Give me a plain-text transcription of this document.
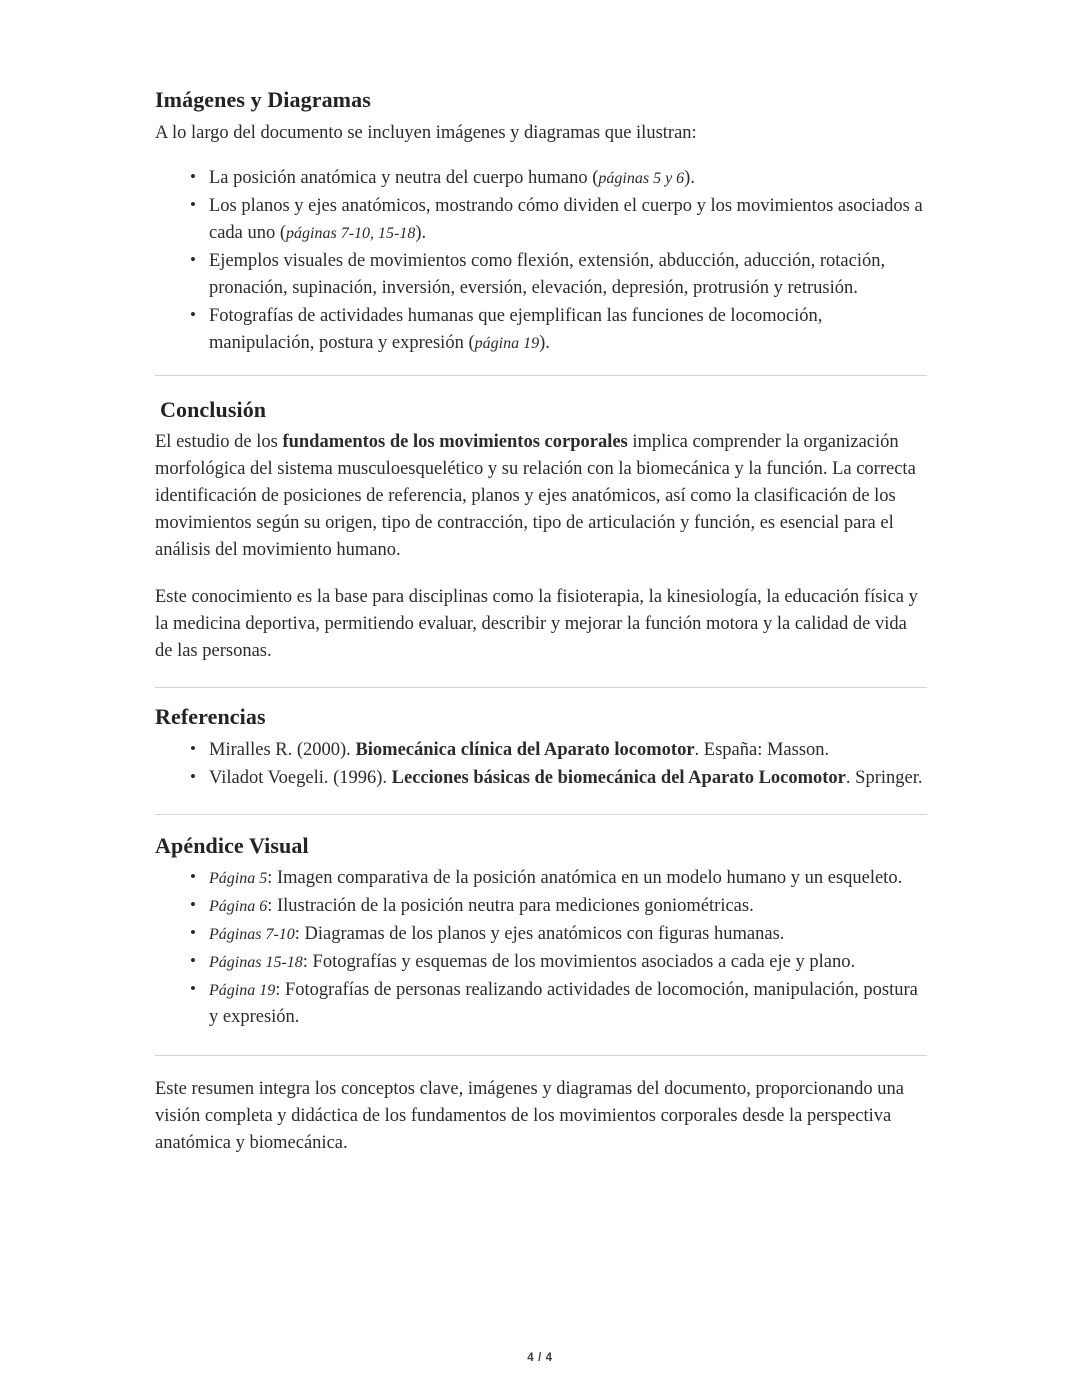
Imágenes y Diagramas

A lo largo del documento se incluyen imágenes y diagramas que ilustran:

• La posición anatómica y neutra del cuerpo humano (páginas 5 y 6).
• Los planos y ejes anatómicos, mostrando cómo dividen el cuerpo y los movimientos asociados a cada uno (páginas 7-10, 15-18).
• Ejemplos visuales de movimientos como flexión, extensión, abducción, aducción, rotación, pronación, supinación, inversión, eversión, elevación, depresión, protrusión y retrusión.
• Fotografías de actividades humanas que ejemplifican las funciones de locomoción, manipulación, postura y expresión (página 19).
Conclusión

El estudio de los fundamentos de los movimientos corporales implica comprender la organización morfológica del sistema musculoesquelético y su relación con la biomecánica y la función. La correcta identificación de posiciones de referencia, planos y ejes anatómicos, así como la clasificación de los movimientos según su origen, tipo de contracción, tipo de articulación y función, es esencial para el análisis del movimiento humano.

Este conocimiento es la base para disciplinas como la fisioterapia, la kinesiología, la educación física y la medicina deportiva, permitiendo evaluar, describir y mejorar la función motora y la calidad de vida de las personas.

Referencias
• Miralles R. (2000). Biomecánica clínica del Aparato locomotor. España: Masson.
• Viladot Voegeli. (1996). Lecciones básicas de biomecánica del Aparato Locomotor. Springer.
Apéndice Visual
• Página 5: Imagen comparativa de la posición anatómica en un modelo humano y un esqueleto.
• Página 6: Ilustración de la posición neutra para mediciones goniométricas.
• Páginas 7-10: Diagramas de los planos y ejes anatómicos con figuras humanas.
• Páginas 15-18: Fotografías y esquemas de los movimientos asociados a cada eje y plano.
• Página 19: Fotografías de personas realizando actividades de locomoción, manipulación, postura y expresión.

Este resumen integra los conceptos clave, imágenes y diagramas del documento, proporcionando una visión completa y didáctica de los fundamentos de los movimientos corporales desde la perspectiva anatómica y biomecánica.

4 / 4
